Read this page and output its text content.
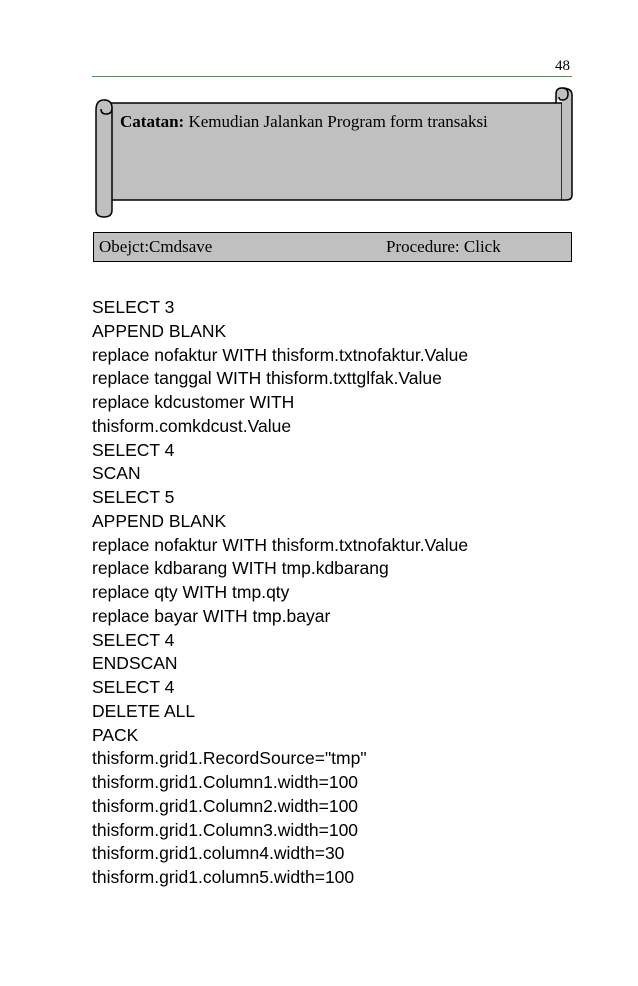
48
Catatan: Kemudian Jalankan Program form transaksi
Obejct:Cmdsave	Procedure: Click
SELECT 3
APPEND BLANK
replace nofaktur WITH thisform.txtnofaktur.Value
replace tanggal WITH thisform.txttglfak.Value
replace kdcustomer WITH
thisform.comkdcust.Value
SELECT 4
SCAN
SELECT 5
APPEND BLANK
replace nofaktur WITH thisform.txtnofaktur.Value
replace kdbarang WITH tmp.kdbarang
replace qty WITH tmp.qty
replace bayar WITH tmp.bayar
SELECT 4
ENDSCAN
SELECT 4
DELETE ALL
PACK
thisform.grid1.RecordSource="tmp"
thisform.grid1.Column1.width=100
thisform.grid1.Column2.width=100
thisform.grid1.Column3.width=100
thisform.grid1.column4.width=30
thisform.grid1.column5.width=100
